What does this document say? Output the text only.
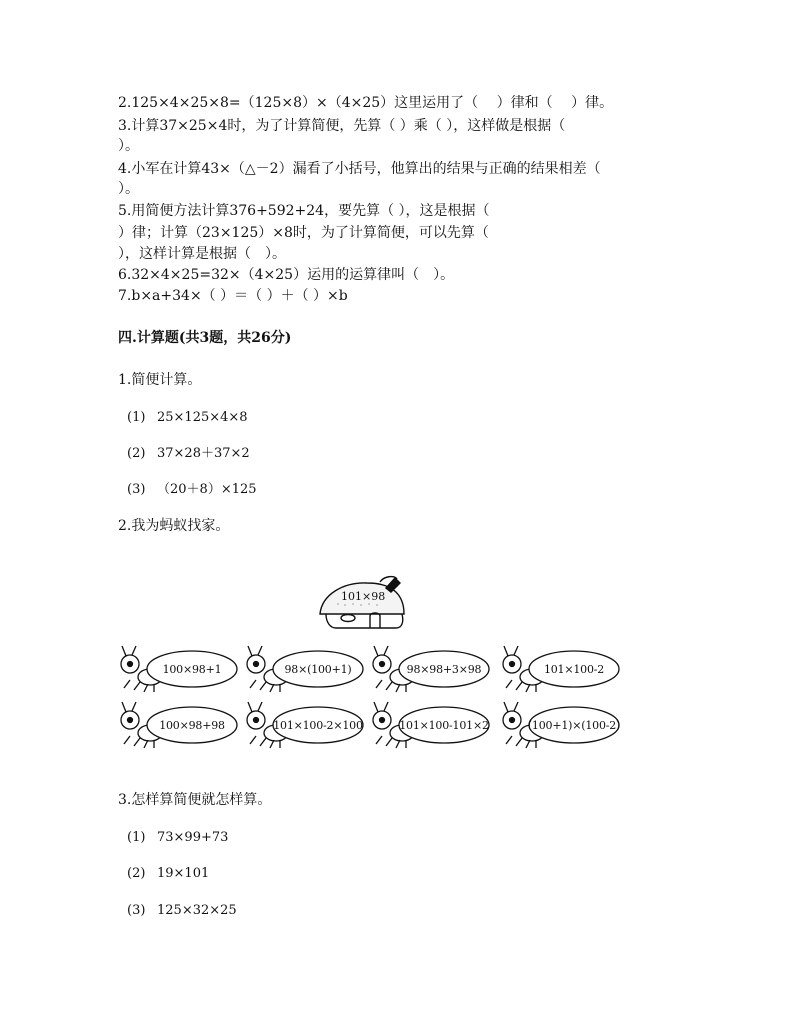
2.125×4×25×8=（125×8）×（4×25）这里运用了（　 ）律和（　 ）律。
3.计算37×25×4时，为了计算简便，先算（ ）乘（ ），这样做是根据（
）。
4.小军在计算43×（△－2）漏看了小括号，他算出的结果与正确的结果相差（
）。
5.用简便方法计算376+592+24，要先算（ ），这是根据（
）律；计算（23×125）×8时，为了计算简便，可以先算（
），这样计算是根据（　）。
6.32×4×25=32×（4×25）运用的运算律叫（　）。
7.b×a+34×（ ）＝（ ）＋（ ）×b
四.计算题(共3题，共26分)
1.简便计算。
(1) 25×125×4×8
(2) 37×28＋37×2
(3) （20＋8）×125
2.我为蚂蚁找家。
101×98
100×98+1	98×(100+1)	98×98+3×98	101×100-2
100×98+98	101×100-2×100	101×100-101×2	(100+1)×(100-2)
3.怎样算简便就怎样算。
(1) 73×99+73
(2) 19×101
(3) 125×32×25
